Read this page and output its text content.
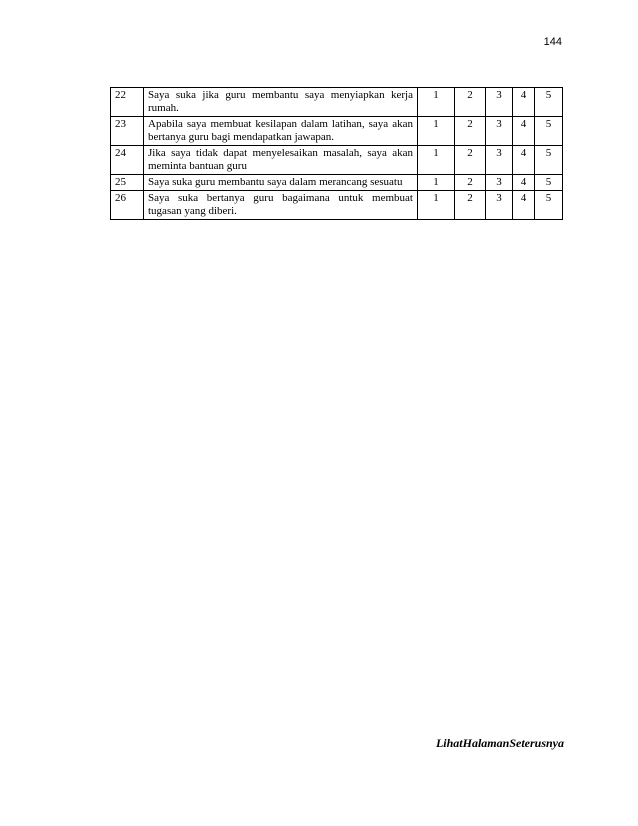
144
22	Saya suka jika guru membantu saya menyiapkan kerja rumah.	1	2	3	4	5
23	Apabila saya membuat kesilapan dalam latihan, saya akan bertanya guru bagi mendapatkan jawapan.	1	2	3	4	5
24	Jika saya tidak dapat menyelesaikan masalah, saya akan meminta bantuan guru	1	2	3	4	5
25	Saya suka guru membantu saya dalam merancang sesuatu	1	2	3	4	5
26	Saya suka bertanya guru bagaimana untuk membuat tugasan yang diberi.	1	2	3	4	5
LihatHalamanSeterusnya
